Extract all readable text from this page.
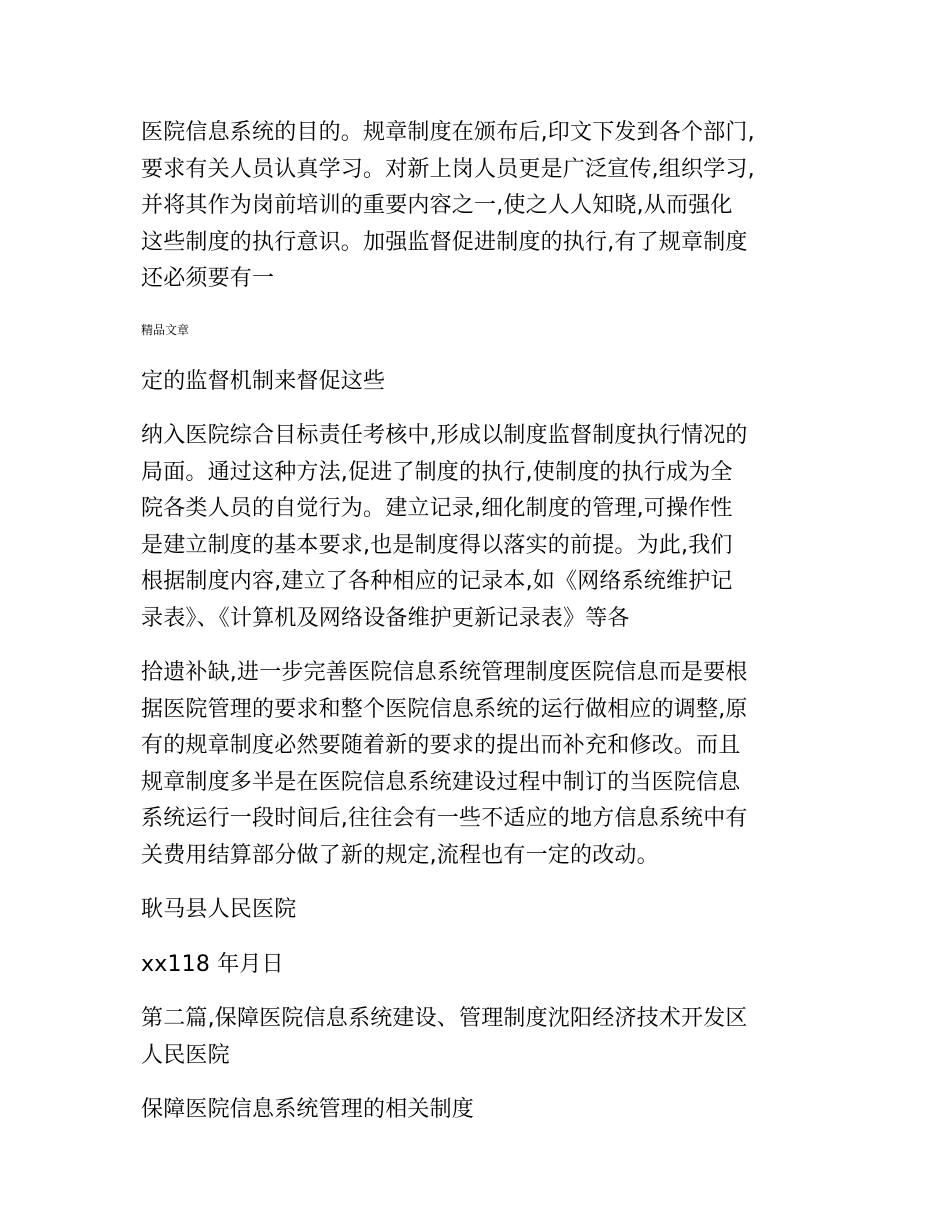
医院信息系统的目的。规章制度在颁布后,印文下发到各个部门,
要求有关人员认真学习。对新上岗人员更是广泛宣传,组织学习,
并将其作为岗前培训的重要内容之一,使之人人知晓,从而强化
这些制度的执行意识。加强监督促进制度的执行,有了规章制度
还必须要有一

精品文章

定的监督机制来督促这些

纳入医院综合目标责任考核中,形成以制度监督制度执行情况的
局面。通过这种方法,促进了制度的执行,使制度的执行成为全
院各类人员的自觉行为。建立记录,细化制度的管理,可操作性
是建立制度的基本要求,也是制度得以落实的前提。为此,我们
根据制度内容,建立了各种相应的记录本,如《网络系统维护记
录表》、《计算机及网络设备维护更新记录表》等各

拾遗补缺,进一步完善医院信息系统管理制度医院信息而是要根
据医院管理的要求和整个医院信息系统的运行做相应的调整,原
有的规章制度必然要随着新的要求的提出而补充和修改。而且
规章制度多半是在医院信息系统建设过程中制订的当医院信息
系统运行一段时间后,往往会有一些不适应的地方信息系统中有
关费用结算部分做了新的规定,流程也有一定的改动。

耿马县人民医院

xx118 年月日

第二篇,保障医院信息系统建设、管理制度沈阳经济技术开发区
人民医院

保障医院信息系统管理的相关制度
